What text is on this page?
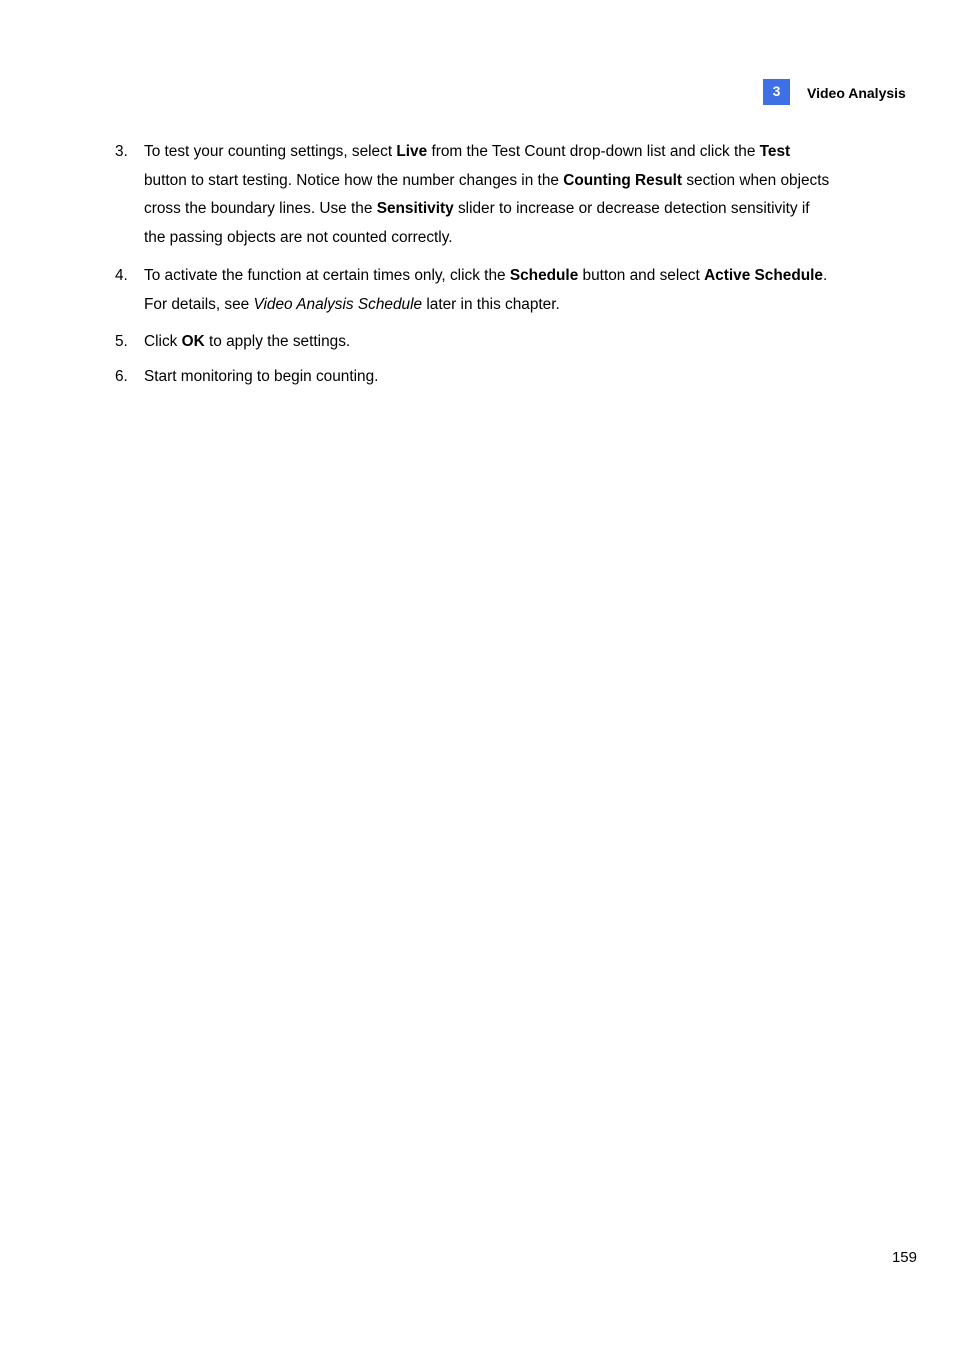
3	Video Analysis
3. To test your counting settings, select Live from the Test Count drop-down list and click the Test button to start testing. Notice how the number changes in the Counting Result section when objects cross the boundary lines. Use the Sensitivity slider to increase or decrease detection sensitivity if the passing objects are not counted correctly.
4. To activate the function at certain times only, click the Schedule button and select Active Schedule. For details, see Video Analysis Schedule later in this chapter.
5. Click OK to apply the settings.
6. Start monitoring to begin counting.
159
